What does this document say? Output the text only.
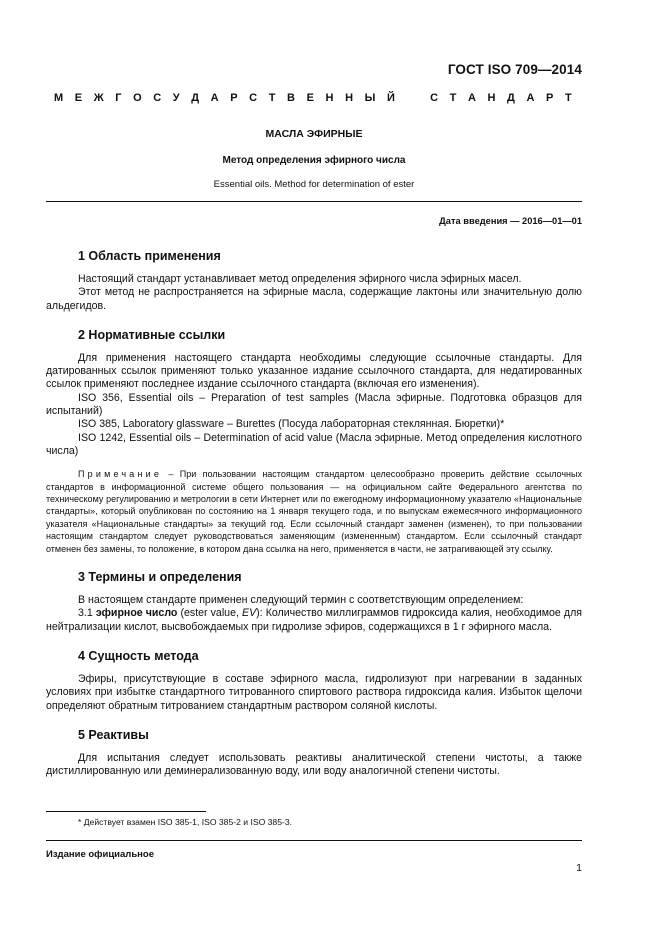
ГОСТ ISO 709—2014
М Е Ж Г О С У Д А Р С Т В Е Н Н Ы Й	С Т А Н Д А Р Т
МАСЛА ЭФИРНЫЕ
Метод определения эфирного числа
Essential oils. Method for determination of ester
Дата введения — 2016—01—01
1 Область применения

Настоящий стандарт устанавливает метод определения эфирного числа эфирных масел.

Этот метод не распространяется на эфирные масла, содержащие лактоны или значительную долю альдегидов.

2 Нормативные ссылки

Для применения настоящего стандарта необходимы следующие ссылочные стандарты. Для датированных ссылок применяют только указанное издание ссылочного стандарта, для недатированных ссылок применяют последнее издание ссылочного стандарта (включая его изменения).

ISO 356, Essential oils – Preparation of test samples (Масла эфирные. Подготовка образцов для испытаний)

ISO 385, Laboratory glassware – Burettes (Посуда лабораторная стеклянная. Бюретки)*

ISO 1242, Essential oils – Determination of acid value (Масла эфирные. Метод определения кислотного числа)

Примечание – При пользовании настоящим стандартом целесообразно проверить действие ссылочных стандартов в информационной системе общего пользования — на официальном сайте Федерального агентства по техническому регулированию и метрологии в сети Интернет или по ежегодному информационному указателю «Национальные стандарты», который опубликован по состоянию на 1 января текущего года, и по выпускам ежемесячного информационного указателя «Национальные стандарты» за текущий год. Если ссылочный стандарт заменен (изменен), то при пользовании настоящим стандартом следует руководствоваться заменяющим (измененным) стандартом. Если ссылочный стандарт отменен без замены, то положение, в котором дана ссылка на него, применяется в части, не затрагивающей эту ссылку.

3 Термины и определения

В настоящем стандарте применен следующий термин с соответствующим определением:

3.1 эфирное число (ester value, EV): Количество миллиграммов гидроксида калия, необходимое для нейтрализации кислот, высвобождаемых при гидролизе эфиров, содержащихся в 1 г эфирного масла.

4 Сущность метода

Эфиры, присутствующие в составе эфирного масла, гидролизуют при нагревании в заданных условиях при избытке стандартного титрованного спиртового раствора гидроксида калия. Избыток щелочи определяют обратным титрованием стандартным раствором соляной кислоты.

5 Реактивы

Для испытания следует использовать реактивы аналитической степени чистоты, а также дистиллированную или деминерализованную воду, или воду аналогичной степени чистоты.

* Действует взамен ISO 385-1, ISO 385-2 и ISO 385-3.
Издание официальное
1
